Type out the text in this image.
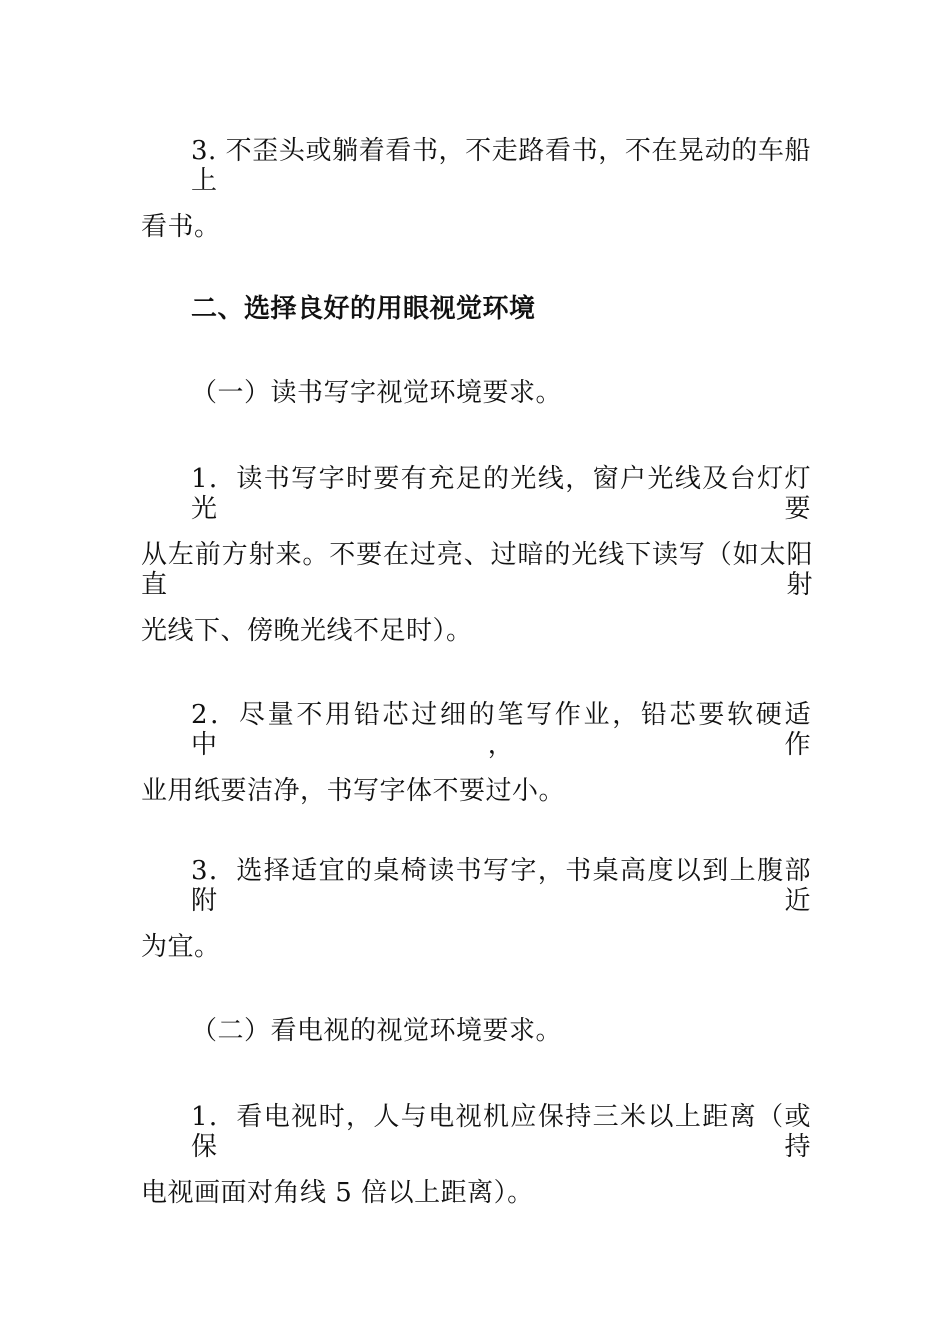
3. 不歪头或躺着看书，不走路看书，不在晃动的车船上
看书。
二、选择良好的用眼视觉环境
（一）读书写字视觉环境要求。
1．读书写字时要有充足的光线，窗户光线及台灯灯光要
从左前方射来。不要在过亮、过暗的光线下读写（如太阳直射
光线下、傍晚光线不足时）。
2．尽量不用铅芯过细的笔写作业，铅芯要软硬适中，作
业用纸要洁净，书写字体不要过小。
3．选择适宜的桌椅读书写字，书桌高度以到上腹部附近
为宜。
（二）看电视的视觉环境要求。
1．看电视时，人与电视机应保持三米以上距离（或保持
电视画面对角线 5 倍以上距离）。
